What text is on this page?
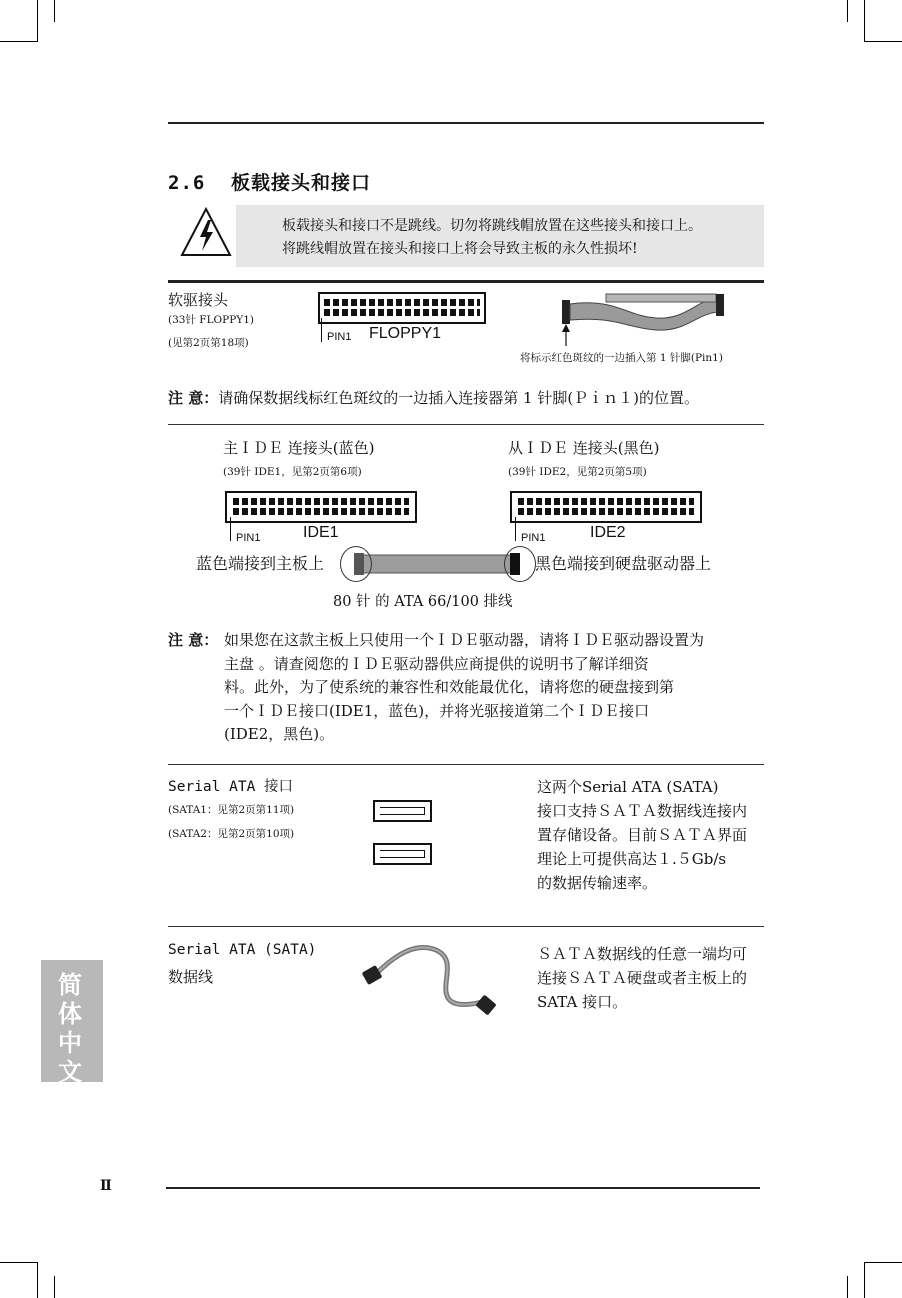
2.6 板载接头和接口
板载接头和接口不是跳线。切勿将跳线帽放置在这些接头和接口上。
将跳线帽放置在接头和接口上将会导致主板的永久性损坏!
软驱接头
(33针 FLOPPY1)
(见第2页第18项)	PIN1 FLOPPY1
将标示红色斑纹的一边插入第 1 针脚(Pin1)
注 意：请确保数据线标红色斑纹的一边插入连接器第 1 针脚(Ｐｉｎ１)的位置。
主ＩＤＥ 连接头(蓝色)
(39针 IDE1，见第2页第6项)
从ＩＤＥ 连接头(黑色)
(39针 IDE2，见第2页第5项)
PIN1	IDE1	PIN1	IDE2
蓝色端接到主板上	黑色端接到硬盘驱动器上
80 针 的 ATA 66/100 排线
注 意： 如果您在这款主板上只使用一个ＩＤＥ驱动器，请将ＩＤＥ驱动器设置为
主盘 。请查阅您的ＩＤＥ驱动器供应商提供的说明书了解详细资
料。此外，为了使系统的兼容性和效能最优化，请将您的硬盘接到第
一个ＩＤＥ接口(IDE1，蓝色)，并将光驱接道第二个ＩＤＥ接口
(IDE2，黑色)。
Serial ATA 接口
(SATA1：见第2页第11项)
(SATA2：见第2页第10项)
这两个Serial ATA (SATA)
接口支持ＳＡＴＡ数据线连接内
置存储设备。目前ＳＡＴＡ界面
理论上可提供高达１.５Gb/s
的数据传输速率。
Serial ATA (SATA)
数据线
ＳＡＴＡ数据线的任意一端均可
连接ＳＡＴＡ硬盘或者主板上的
SATA 接口。
简
体
中
文
Ⅱ
